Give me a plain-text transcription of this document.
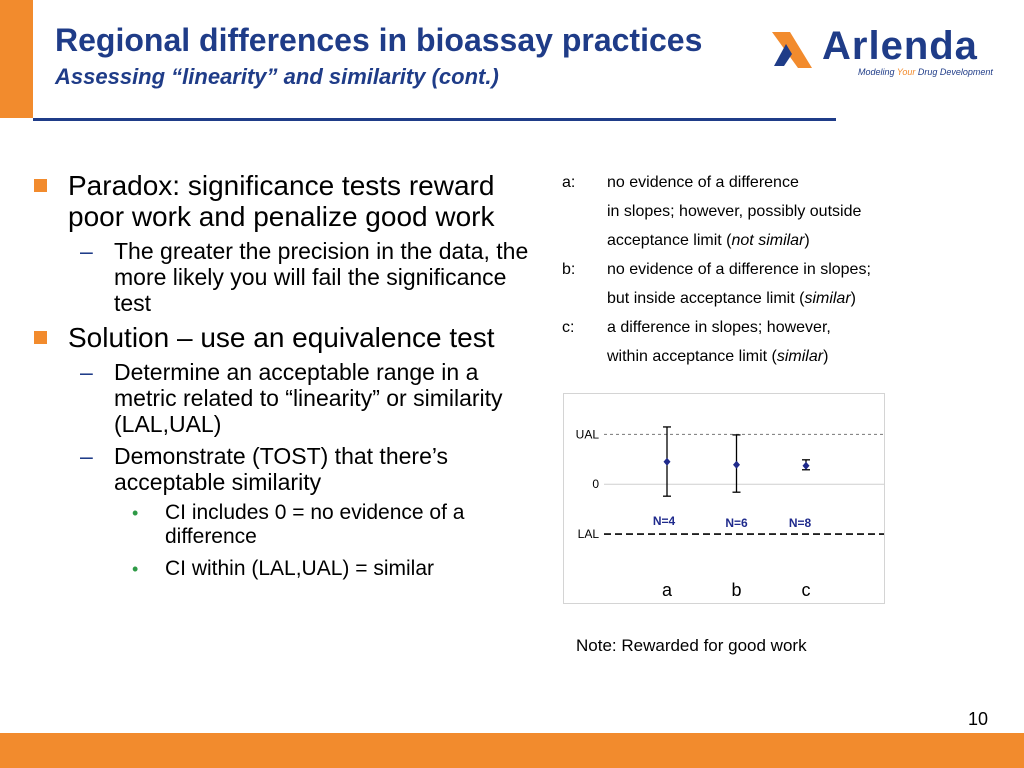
Regional differences in bioassay practices
Assessing “linearity” and similarity (cont.)
Arlenda
Modeling Your Drug Development
Paradox: significance tests reward poor work and penalize good work
– The greater the precision in the data, the more likely you will fail the significance test
Solution – use an equivalence test
– Determine an acceptable range in a metric related to “linearity” or similarity (LAL,UAL)
– Demonstrate (TOST) that there’s acceptable similarity
• CI includes 0 = no evidence of a difference
• CI within (LAL,UAL) = similar
a: no evidence of a difference
in slopes; however, possibly outside
acceptance limit (not similar)
b: no evidence of a difference in slopes;
but inside acceptance limit (similar)
c: a difference in slopes; however,
within acceptance limit (similar)
UAL
0
LAL
N=4	N=6	N=8
a	b	c
Note: Rewarded for good work
10
